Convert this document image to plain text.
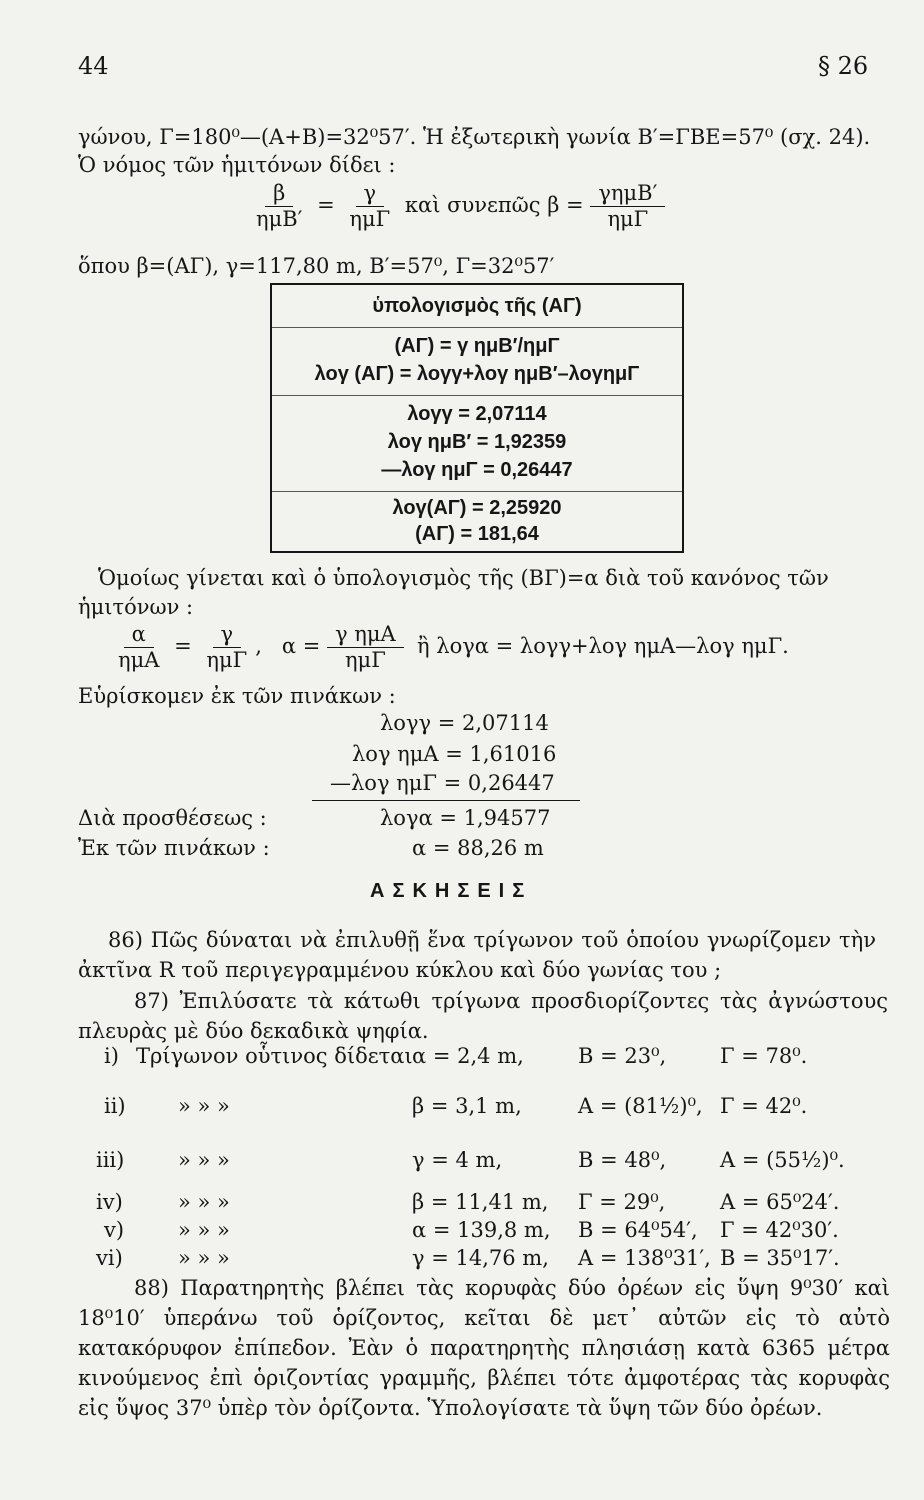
44	§ 26
γώνου, Γ=180⁰—(Α+Β)=32⁰57′. Ἡ ἐξωτερικὴ γωνία Β′=ΓΒΕ=57⁰ (σχ. 24).
Ὁ νόμος τῶν ἡμιτόνων δίδει :
$\frac{\beta}{\text{ημΒ′}} = \frac{\gamma}{\text{ημΓ}}$ καὶ συνεπῶς $\beta = \frac{\text{γημΒ′}}{\text{ημΓ}}$
ὅπου β=(ΑΓ), γ=117,80 m, Β′=57⁰, Γ=32⁰57′
ὑπολογισμὸς τῆς (ΑΓ)
(ΑΓ) = γ ημΒ′/ημΓ
λογ (ΑΓ) = λογγ+λογ ημΒ′–λογημΓ
λογγ = 2,07114
λογ ημΒ′ = 1,92359
—λογ ημΓ = 0,26447
λογ(ΑΓ) = 2,25920
(ΑΓ) = 181,64
Ὁμοίως γίνεται καὶ ὁ ὑπολογισμὸς τῆς (ΒΓ)=α διὰ τοῦ κανόνος τῶν
ἡμιτόνων :
$\frac{\alpha}{\text{ημΑ}} = \frac{\gamma}{\text{ημΓ}}$ , $\alpha = \frac{\text{γ ημΑ}}{\text{ημΓ}}$ ἢ λογα = λογγ+λογ ημΑ—λογ ημΓ.
Εὑρίσκομεν ἐκ τῶν πινάκων :
λογγ = 2,07114
λογ ημΑ = 1,61016
—λογ ημΓ = 0,26447
Διὰ προσθέσεως :	λογα = 1,94577
Ἐκ τῶν πινάκων :	α = 88,26 m
ΑΣΚΗΣΕΙΣ
86) Πῶς δύναται νὰ ἐπιλυθῇ ἕνα τρίγωνον τοῦ ὁποίου γνωρίζομεν τὴν ἀκτῖνα R τοῦ περιγεγραμμένου κύκλου καὶ δύο γωνίας του ;
87) Ἐπιλύσατε τὰ κάτωθι τρίγωνα προσδιορίζοντες τὰς ἀγνώστους πλευρὰς μὲ δύο δεκαδικὰ ψηφία.
i) Τρίγωνον οὗτινος δίδεται α = 2,4 m,	Β = 23⁰,	Γ = 78⁰.
ii) » » »	β = 3,1 m,	Α = (81½)⁰, Γ = 42⁰.
iii)	» » »	γ = 4 m,	Β = 48⁰,	Α = (55½)⁰.
iv)	» » »	β = 11,41 m, Γ = 29⁰,	Α = 65⁰24′.
v)	» » »	α = 139,8 m, Β = 64⁰54′, Γ = 42⁰30′.
vi)	» » »	γ = 14,76 m, Α = 138⁰31′, Β = 35⁰17′.
88) Παρατηρητὴς βλέπει τὰς κορυφὰς δύο ὀρέων εἰς ὕψη 9⁰30′ καὶ 18⁰10′ ὑπεράνω τοῦ ὁρίζοντος, κεῖται δὲ μετ᾽ αὐτῶν εἰς τὸ αὐτὸ κατακόρυφον ἐπίπεδον. Ἐὰν ὁ παρατηρητὴς πλησιάσῃ κατὰ 6365 μέτρα κινούμενος ἐπὶ ὁριζοντίας γραμμῆς, βλέπει τότε ἀμφοτέρας τὰς κορυφὰς εἰς ὕψος 37⁰ ὑπὲρ τὸν ὁρίζοντα. Ὑπολογίσατε τὰ ὕψη τῶν δύο ὀρέων.
